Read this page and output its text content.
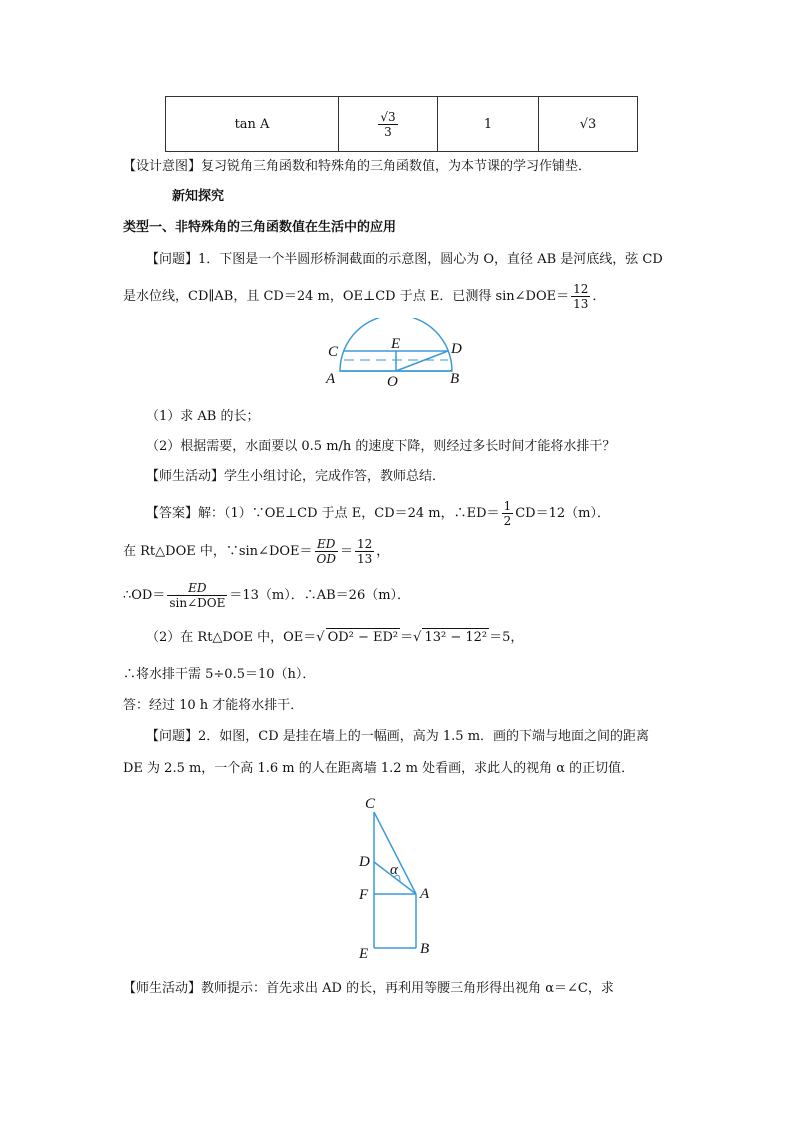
tan A	$\frac{√3}{3}$	1	√3
【设计意图】复习锐角三角函数和特殊角的三角函数值，为本节课的学习作铺垫．
新知探究
类型一、非特殊角的三角函数值在生活中的应用
【问题】1．下图是一个半圆形桥洞截面的示意图，圆心为 O，直径 AB 是河底线，弦 CD
是水位线，CD∥AB，且 CD＝24 m，OE⊥CD 于点 E．已测得 sin∠DOE＝ $\frac{12}{13}$ ．
C	E	D
A	O	B
（1）求 AB 的长；
（2）根据需要，水面要以 0.5 m/h 的速度下降，则经过多长时间才能将水排干？
【师生活动】学生小组讨论，完成作答，教师总结．
【答案】解：（1）∵OE⊥CD 于点 E，CD＝24 m，∴ED＝ $\frac{1}{2} CD=12(m)$．
在 Rt△DOE 中，∵sin∠DOE＝ $\frac{ED}{OD} = \frac{12}{13}$ ，
∴OD＝ $\frac{ED}{\text{sin∠DOE}} =13(m)$．∴AB＝26（m）．
（2）在 Rt△DOE 中，OE＝√ OD² − ED² ＝√ 13² − 12² ＝5，
∴将水排干需 5÷0.5＝10（h）．
答：经过 10 h 才能将水排干．
【问题】2．如图，CD 是挂在墙上的一幅画，高为 1.5 m．画的下端与地面之间的距离
DE 为 2.5 m，一个高 1.6 m 的人在距离墙 1.2 m 处看画，求此人的视角 α 的正切值．
C
D α
F	A
E	B
【师生活动】教师提示：首先求出 AD 的长，再利用等腰三角形得出视角 α＝∠C，求
